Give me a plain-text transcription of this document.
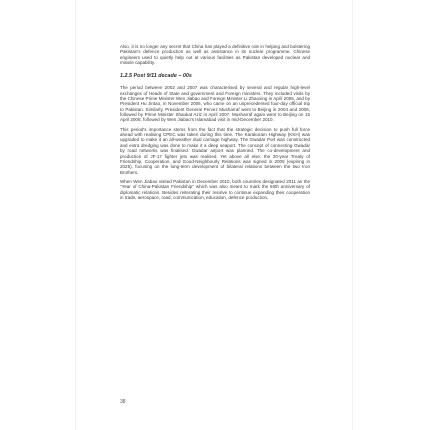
Also, it is no longer any secret that China has played a definitive role in helping and bolstering Pakistan's defence production as well as assistance in its nuclear programme. Chinese engineers used to quietly help out at various facilities as Pakistan developed nuclear and missile capability.

1.2.5 Post 9/11 decade – 00s

The period between 2002 and 2007 was characterised by several and regular high-level exchanges of Heads of State and government and Foreign ministers. They included visits by the Chinese Prime Minister Wen Jiabao and Foreign Minister Li Zhaoxing in April 2005, and by President Hu Jintao, in November 2006, who came on an unprecedented four-day official trip to Pakistan. Similarly, President General Pervez Musharraf went to Beijing in 2004 and 2006, followed by Prime Minister Shaukat Aziz in April 2007. Musharraf again went to Beijing on 15 April 2008, followed by Wen Jiabao's Islamabad visit in mid-December 2010.

This period's importance stems from the fact that the strategic decision to push full force ahead with realising CPEC was taken during this time. The Karakoram Highway (KKH) was upgraded to make it an all-weather dual carriage highway. The Gwadar Port was constructed and extra dredging was done to make it a deep seaport. The concept of connecting Gwadar by road networks was finalised. Gwadar airport was planned. The co-development and production of JF-17 fighter jets was realised. Yet above all else, the 20-year Treaty of Friendship, Cooperation, and Good-Neighbourly Relations was signed in 2005 (expiring in 2025), focusing on the long-term development of bilateral relations between the two Iron Brothers.

When Wen Jiabao visited Pakistan in December 2010, both countries designated 2011 as the "Year of China-Pakistan Friendship" which was also meant to mark the 60th anniversary of diplomatic relations. Besides reiterating their resolve to continue expanding their cooperation in trade, aerospace, road, communication, education, defence production,

38
